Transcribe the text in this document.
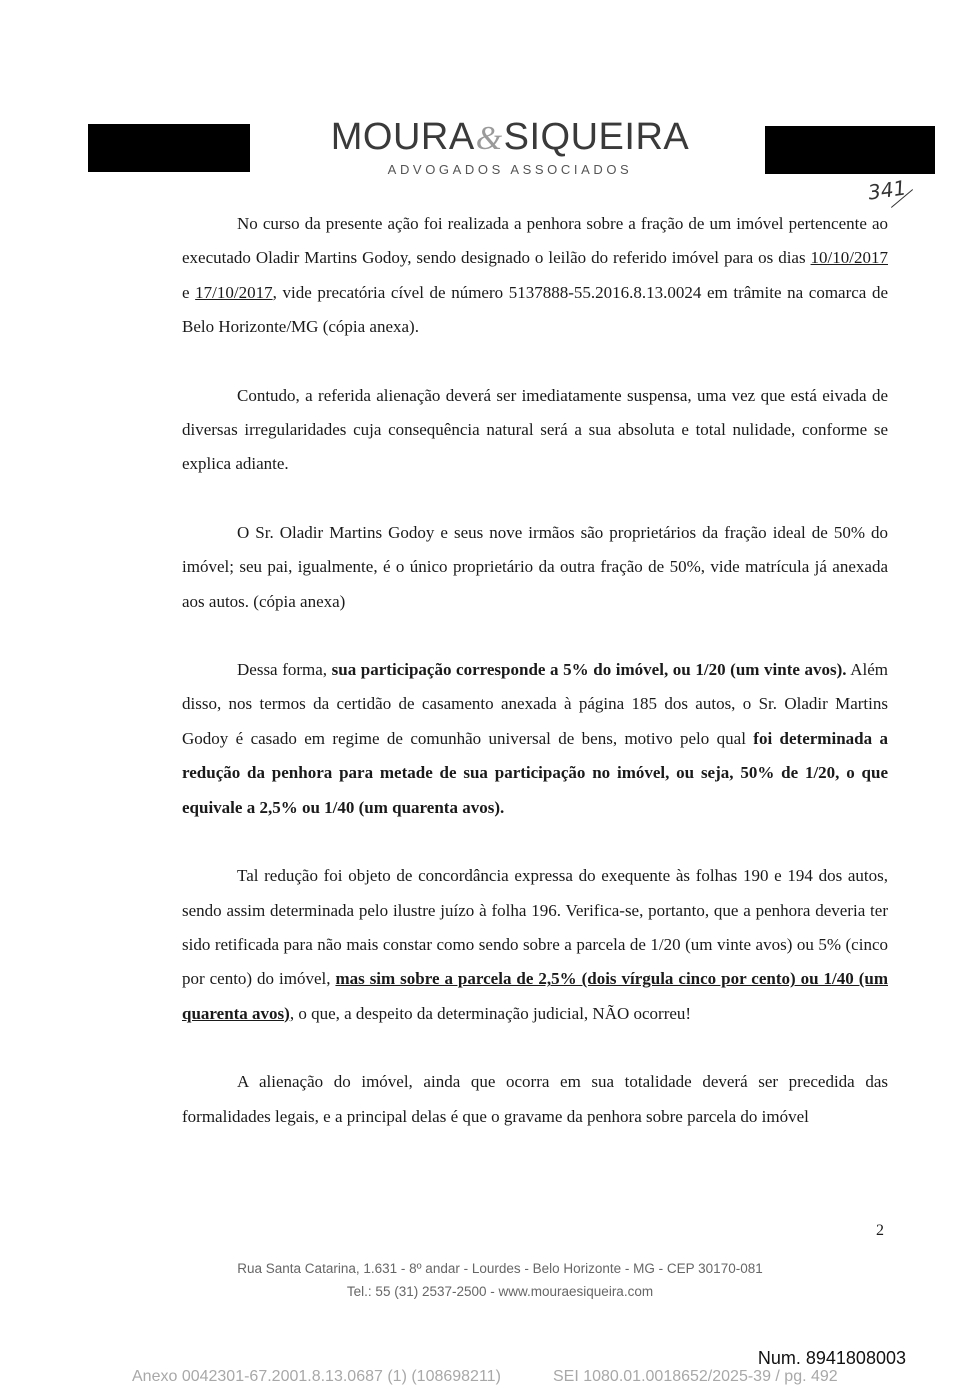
MOURA&SIQUEIRA
ADVOGADOS ASSOCIADOS
341

No curso da presente ação foi realizada a penhora sobre a fração de um imóvel pertencente ao executado Oladir Martins Godoy, sendo designado o leilão do referido imóvel para os dias 10/10/2017 e 17/10/2017, vide precatória cível de número 5137888-55.2016.8.13.0024 em trâmite na comarca de Belo Horizonte/MG (cópia anexa).

Contudo, a referida alienação deverá ser imediatamente suspensa, uma vez que está eivada de diversas irregularidades cuja consequência natural será a sua absoluta e total nulidade, conforme se explica adiante.

O Sr. Oladir Martins Godoy e seus nove irmãos são proprietários da fração ideal de 50% do imóvel; seu pai, igualmente, é o único proprietário da outra fração de 50%, vide matrícula já anexada aos autos. (cópia anexa)

Dessa forma, sua participação corresponde a 5% do imóvel, ou 1/20 (um vinte avos). Além disso, nos termos da certidão de casamento anexada à página 185 dos autos, o Sr. Oladir Martins Godoy é casado em regime de comunhão universal de bens, motivo pelo qual foi determinada a redução da penhora para metade de sua participação no imóvel, ou seja, 50% de 1/20, o que equivale a 2,5% ou 1/40 (um quarenta avos).

Tal redução foi objeto de concordância expressa do exequente às folhas 190 e 194 dos autos, sendo assim determinada pelo ilustre juízo à folha 196. Verifica-se, portanto, que a penhora deveria ter sido retificada para não mais constar como sendo sobre a parcela de 1/20 (um vinte avos) ou 5% (cinco por cento) do imóvel, mas sim sobre a parcela de 2,5% (dois vírgula cinco por cento) ou 1/40 (um quarenta avos), o que, a despeito da determinação judicial, NÃO ocorreu!

A alienação do imóvel, ainda que ocorra em sua totalidade deverá ser precedida das formalidades legais, e a principal delas é que o gravame da penhora sobre parcela do imóvel

2
Rua Santa Catarina, 1.631 - 8º andar - Lourdes - Belo Horizonte - MG - CEP 30170-081
Tel.: 55 (31) 2537-2500 - www.mouraesiqueira.com
Num. 8941808003
Anexo 0042301-67.2001.8.13.0687 (1) (108698211)	SEI 1080.01.0018652/2025-39 / pg. 492
